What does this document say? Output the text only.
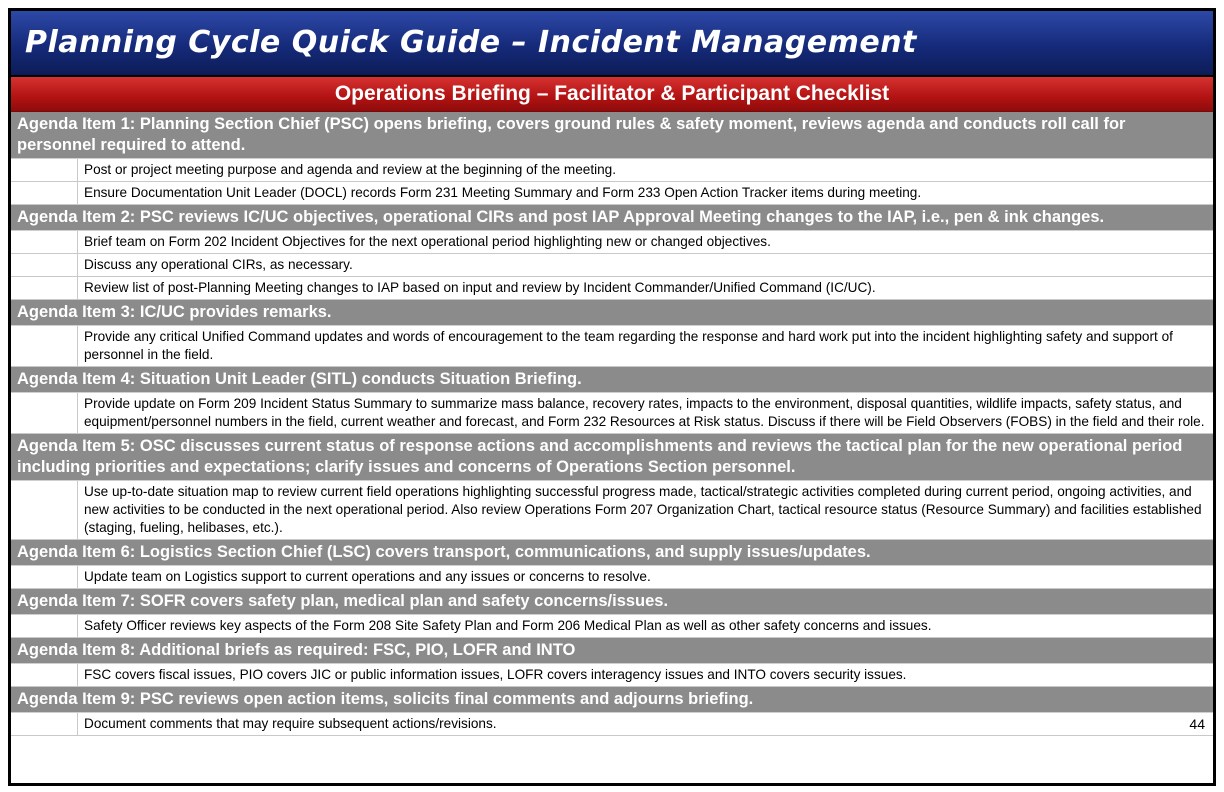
Planning Cycle Quick Guide – Incident Management
Operations Briefing – Facilitator & Participant Checklist
Agenda Item 1: Planning Section Chief (PSC) opens briefing, covers ground rules & safety moment, reviews agenda and conducts roll call for personnel required to attend.
Post or project meeting purpose and agenda and review at the beginning of the meeting.
Ensure Documentation Unit Leader (DOCL) records Form 231 Meeting Summary and Form 233 Open Action Tracker items during meeting.
Agenda Item 2: PSC reviews IC/UC objectives, operational CIRs and post IAP Approval Meeting changes to the IAP, i.e., pen & ink changes.
Brief team on Form 202 Incident Objectives for the next operational period highlighting new or changed objectives.
Discuss any operational CIRs, as necessary.
Review list of post-Planning Meeting changes to IAP based on input and review by Incident Commander/Unified Command (IC/UC).
Agenda Item 3: IC/UC provides remarks.
Provide any critical Unified Command updates and words of encouragement to the team regarding the response and hard work put into the incident highlighting safety and support of personnel in the field.
Agenda Item 4: Situation Unit Leader (SITL) conducts Situation Briefing.
Provide update on Form 209 Incident Status Summary to summarize mass balance, recovery rates, impacts to the environment, disposal quantities, wildlife impacts, safety status, and equipment/personnel numbers in the field, current weather and forecast, and Form 232 Resources at Risk status. Discuss if there will be Field Observers (FOBS) in the field and their role.
Agenda Item 5: OSC discusses current status of response actions and accomplishments and reviews the tactical plan for the new operational period including priorities and expectations; clarify issues and concerns of Operations Section personnel.
Use up-to-date situation map to review current field operations highlighting successful progress made, tactical/strategic activities completed during current period, ongoing activities, and new activities to be conducted in the next operational period. Also review Operations Form 207 Organization Chart, tactical resource status (Resource Summary) and facilities established (staging, fueling, helibases, etc.).
Agenda Item 6: Logistics Section Chief (LSC) covers transport, communications, and supply issues/updates.
Update team on Logistics support to current operations and any issues or concerns to resolve.
Agenda Item 7: SOFR covers safety plan, medical plan and safety concerns/issues.
Safety Officer reviews key aspects of the Form 208 Site Safety Plan and Form 206 Medical Plan as well as other safety concerns and issues.
Agenda Item 8: Additional briefs as required: FSC, PIO, LOFR and INTO
FSC covers fiscal issues, PIO covers JIC or public information issues, LOFR covers interagency issues and INTO covers security issues.
Agenda Item 9: PSC reviews open action items, solicits final comments and adjourns briefing.
Document comments that may require subsequent actions/revisions.	44
